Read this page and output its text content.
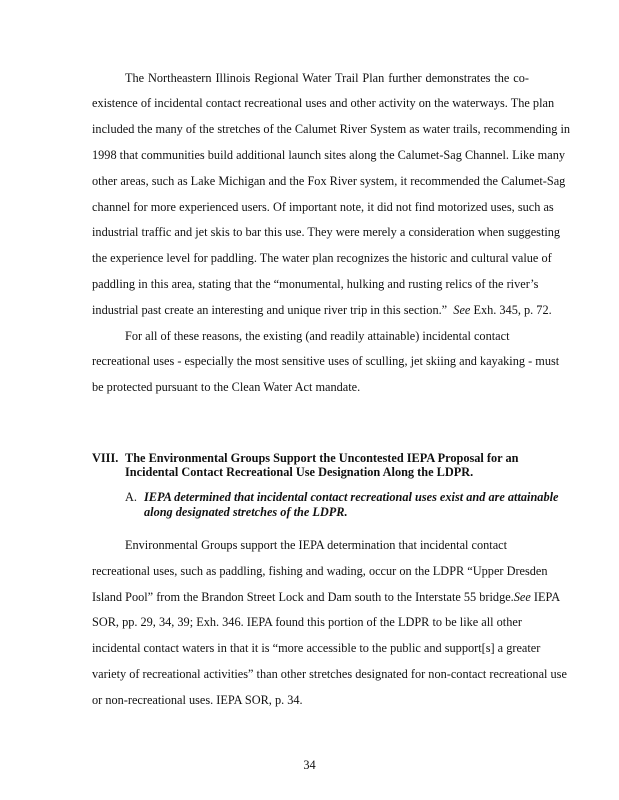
The Northeastern Illinois Regional Water Trail Plan further demonstrates the co-
existence of incidental contact recreational uses and other activity on the waterways. The plan
included the many of the stretches of the Calumet River System as water trails, recommending in
1998 that communities build additional launch sites along the Calumet-Sag Channel. Like many
other areas, such as Lake Michigan and the Fox River system, it recommended the Calumet-Sag
channel for more experienced users. Of important note, it did not find motorized uses, such as
industrial traffic and jet skis to bar this use. They were merely a consideration when suggesting
the experience level for paddling. The water plan recognizes the historic and cultural value of
paddling in this area, stating that the “monumental, hulking and rusting relics of the river’s
industrial past create an interesting and unique river trip in this section.” See Exh. 345, p. 72.
For all of these reasons, the existing (and readily attainable) incidental contact
recreational uses - especially the most sensitive uses of sculling, jet skiing and kayaking - must
be protected pursuant to the Clean Water Act mandate.
VIII. The Environmental Groups Support the Uncontested IEPA Proposal for an
Incidental Contact Recreational Use Designation Along the LDPR.
A. IEPA determined that incidental contact recreational uses exist and are attainable
along designated stretches of the LDPR.
Environmental Groups support the IEPA determination that incidental contact
recreational uses, such as paddling, fishing and wading, occur on the LDPR “Upper Dresden
Island Pool” from the Brandon Street Lock and Dam south to the Interstate 55 bridge. See IEPA
SOR, pp. 29, 34, 39; Exh. 346. IEPA found this portion of the LDPR to be like all other
incidental contact waters in that it is “more accessible to the public and support[s] a greater
variety of recreational activities” than other stretches designated for non-contact recreational use
or non-recreational uses. IEPA SOR, p. 34.
34
